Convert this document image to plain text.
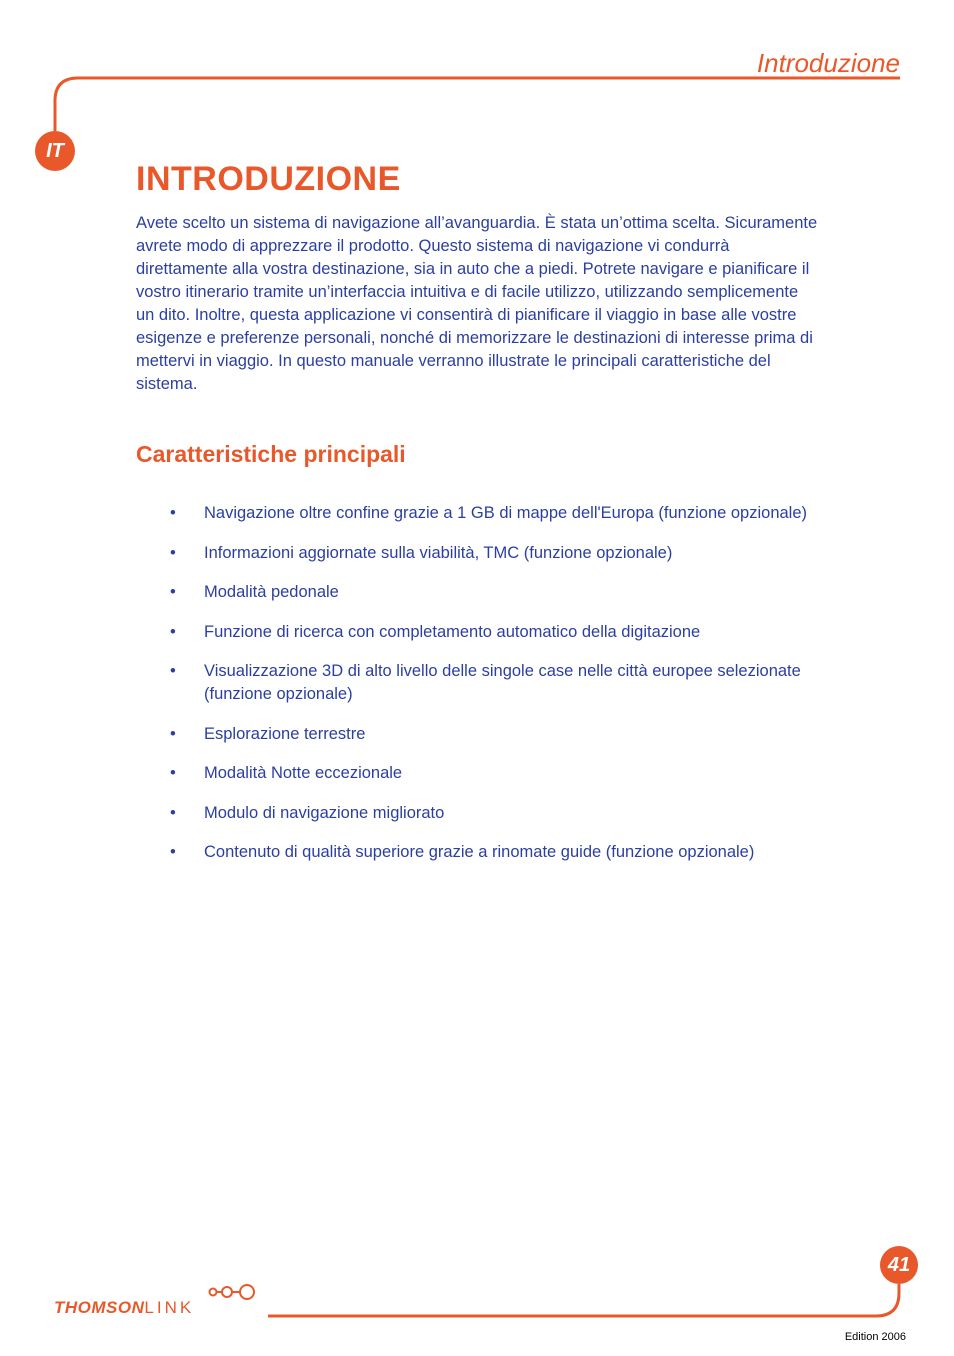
Introduzione
IT
INTRODUZIONE

Avete scelto un sistema di navigazione all’avanguardia. È stata un’ottima scelta. Sicuramente avrete modo di apprezzare il prodotto. Questo sistema di navigazione vi condurrà direttamente alla vostra destinazione, sia in auto che a piedi. Potrete navigare e pianificare il vostro itinerario tramite un’interfaccia intuitiva e di facile utilizzo, utilizzando semplicemente un dito. Inoltre, questa applicazione vi consentirà di pianificare il viaggio in base alle vostre esigenze e preferenze personali, nonché di memorizzare le destinazioni di interesse prima di mettervi in viaggio. In questo manuale verranno illustrate le principali caratteristiche del sistema.

Caratteristiche principali
• Navigazione oltre confine grazie a 1 GB di mappe dell'Europa (funzione opzionale)
• Informazioni aggiornate sulla viabilità, TMC (funzione opzionale)
• Modalità pedonale
• Funzione di ricerca con completamento automatico della digitazione
• Visualizzazione 3D di alto livello delle singole case nelle città europee selezionate (funzione opzionale)
• Esplorazione terrestre
• Modalità Notte eccezionale
• Modulo di navigazione migliorato
• Contenuto di qualità superiore grazie a rinomate guide (funzione opzionale)
41
THOMSONLINK
Edition 2006
